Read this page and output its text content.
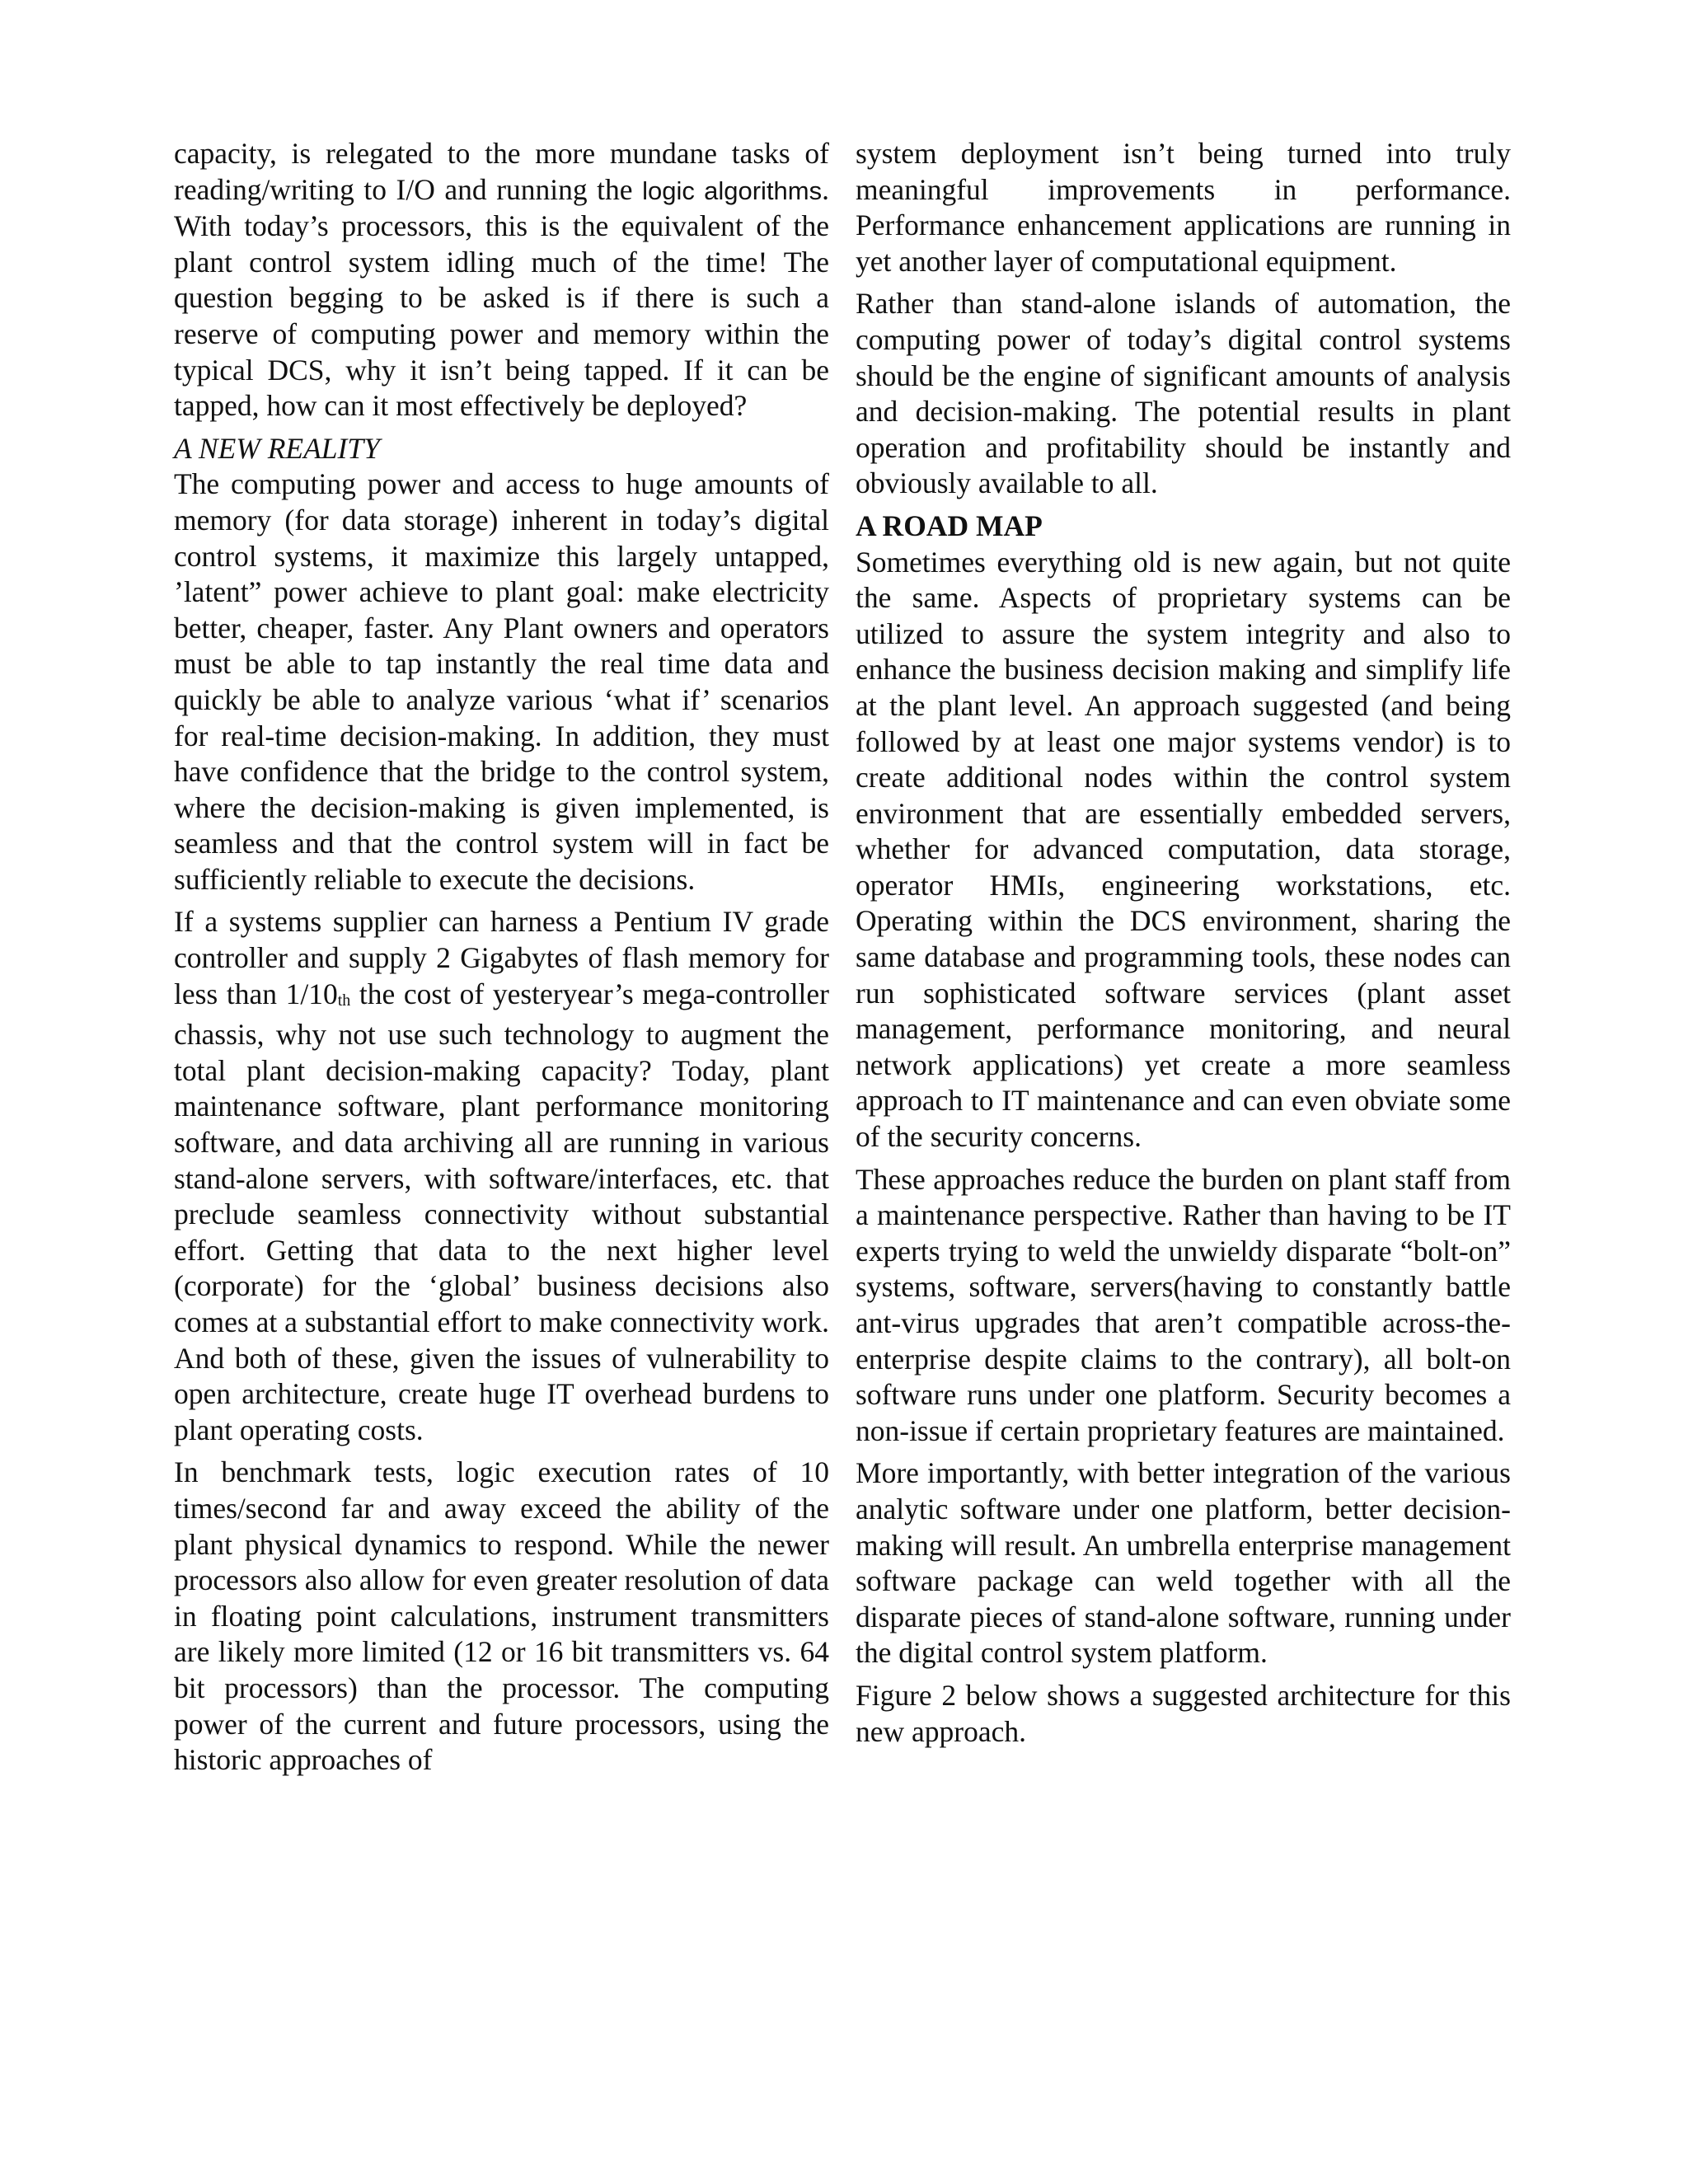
capacity, is relegated to the more mundane tasks of reading/writing to I/O and running the logic algorithms. With today’s processors, this is the equivalent of the plant control system idling much of the time! The question begging to be asked is if there is such a reserve of computing power and memory within the typical DCS, why it isn’t being tapped. If it can be tapped, how can it most effectively be deployed?

A NEW REALITY

The computing power and access to huge amounts of memory (for data storage) inherent in today’s digital control systems, it maximize this largely untapped, ’latent” power achieve to plant goal: make electricity better, cheaper, faster. Any Plant owners and operators must be able to tap instantly the real time data and quickly be able to analyze various ‘what if’ scenarios for real-time decision-making. In addition, they must have confidence that the bridge to the control system, where the decision-making is given implemented, is seamless and that the control system will in fact be sufficiently reliable to execute the decisions.

If a systems supplier can harness a Pentium IV grade controller and supply 2 Gigabytes of flash memory for less than $1/10_{th}$ the cost of yesteryear’s mega-controller chassis, why not use such technology to augment the total plant decision-making capacity? Today, plant maintenance software, plant performance monitoring software, and data archiving all are running in various stand-alone servers, with software/interfaces, etc. that preclude seamless connectivity without substantial effort. Getting that data to the next higher level (corporate) for the ‘global’ business decisions also comes at a substantial effort to make connectivity work. And both of these, given the issues of vulnerability to open architecture, create huge IT overhead burdens to plant operating costs.

In benchmark tests, logic execution rates of 10 times/second far and away exceed the ability of the plant physical dynamics to respond. While the newer processors also allow for even greater resolution of data in floating point calculations, instrument transmitters are likely more limited (12 or 16 bit transmitters vs. 64 bit processors) than the processor. The computing power of the current and future processors, using the historic approaches of

system deployment isn’t being turned into truly meaningful improvements in performance. Performance enhancement applications are running in yet another layer of computational equipment.

Rather than stand-alone islands of automation, the computing power of today’s digital control systems should be the engine of significant amounts of analysis and decision-making. The potential results in plant operation and profitability should be instantly and obviously available to all.

A ROAD MAP

Sometimes everything old is new again, but not quite the same. Aspects of proprietary systems can be utilized to assure the system integrity and also to enhance the business decision making and simplify life at the plant level. An approach suggested (and being followed by at least one major systems vendor) is to create additional nodes within the control system environment that are essentially embedded servers, whether for advanced computation, data storage, operator HMIs, engineering workstations, etc. Operating within the DCS environment, sharing the same database and programming tools, these nodes can run sophisticated software services (plant asset management, performance monitoring, and neural network applications) yet create a more seamless approach to IT maintenance and can even obviate some of the security concerns.

These approaches reduce the burden on plant staff from a maintenance perspective. Rather than having to be IT experts trying to weld the unwieldy disparate “bolt-on” systems, software, servers(having to constantly battle ant-virus upgrades that aren’t compatible across-the-enterprise despite claims to the contrary), all bolt-on software runs under one platform. Security becomes a non-issue if certain proprietary features are maintained.

More importantly, with better integration of the various analytic software under one platform, better decision-making will result. An umbrella enterprise management software package can weld together with all the disparate pieces of stand-alone software, running under the digital control system platform.

Figure 2 below shows a suggested architecture for this new approach.
